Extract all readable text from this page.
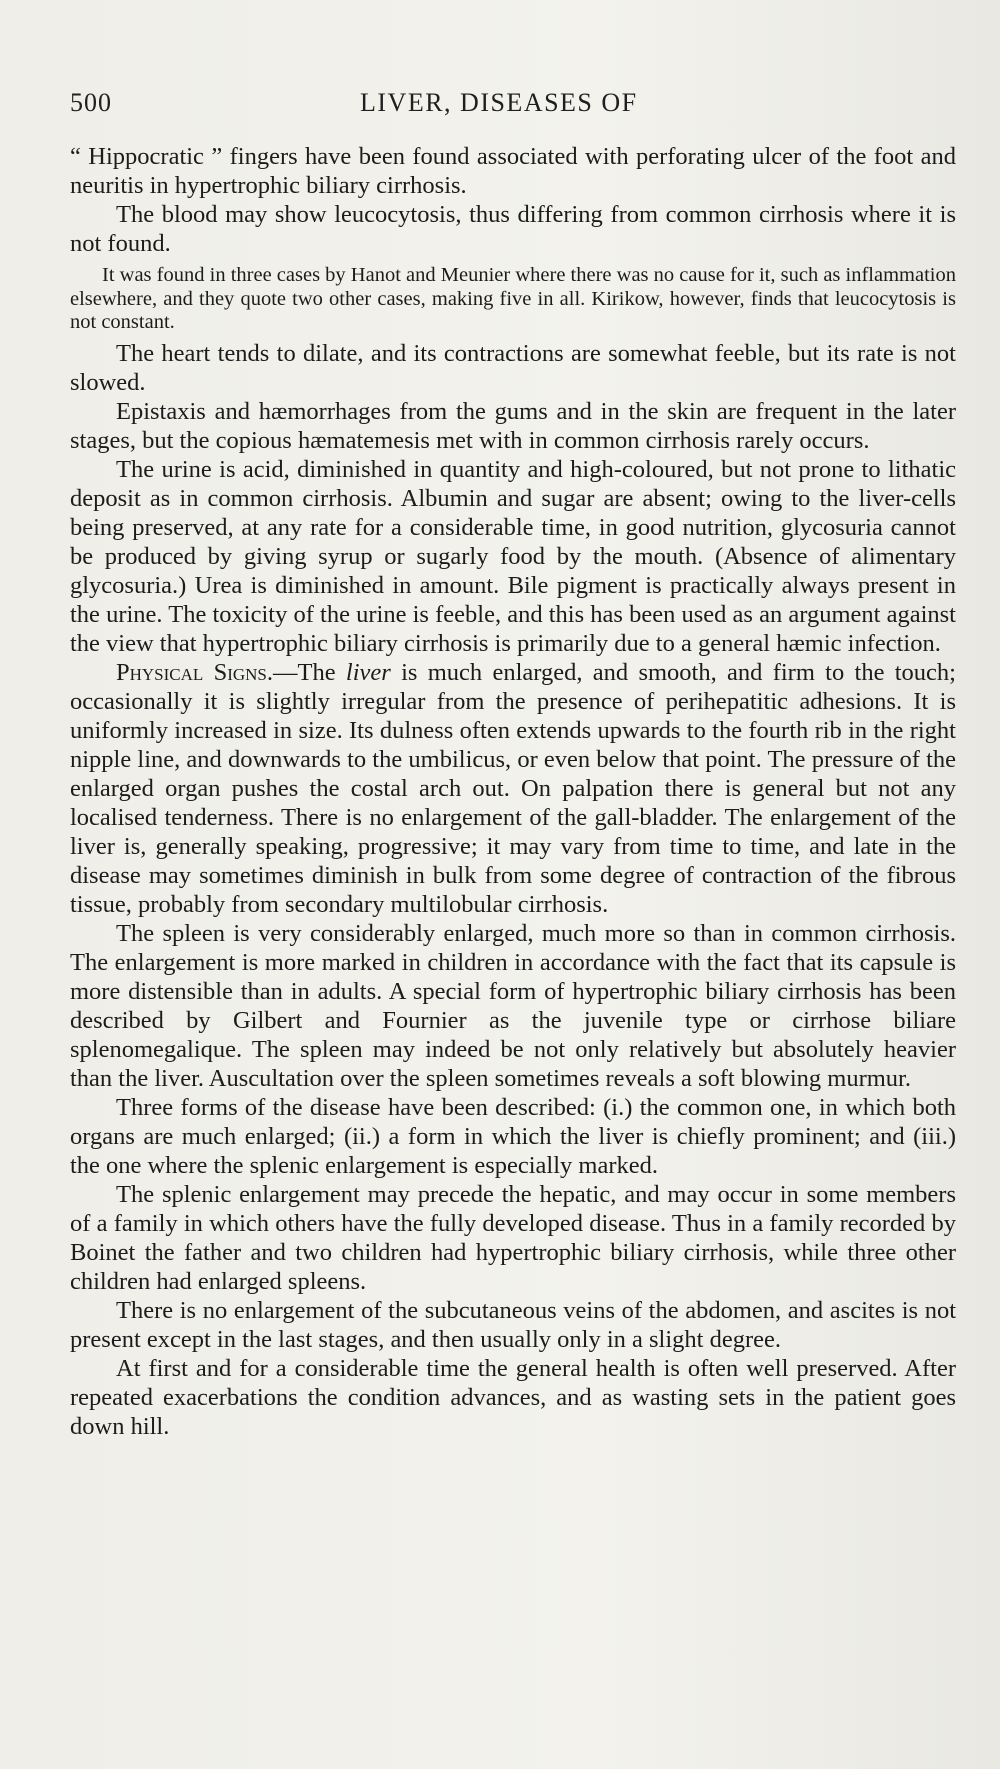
500	LIVER, DISEASES OF

“ Hippocratic ” fingers have been found associated with perforating ulcer of the foot and neuritis in hypertrophic biliary cirrhosis.

The blood may show leucocytosis, thus differing from common cirrhosis where it is not found.

It was found in three cases by Hanot and Meunier where there was no cause for it, such as inflammation elsewhere, and they quote two other cases, making five in all. Kirikow, however, finds that leucocytosis is not constant.

The heart tends to dilate, and its contractions are somewhat feeble, but its rate is not slowed.

Epistaxis and hæmorrhages from the gums and in the skin are frequent in the later stages, but the copious hæmatemesis met with in common cirrhosis rarely occurs.

The urine is acid, diminished in quantity and high-coloured, but not prone to lithatic deposit as in common cirrhosis. Albumin and sugar are absent; owing to the liver-cells being preserved, at any rate for a considerable time, in good nutrition, glycosuria cannot be produced by giving syrup or sugarly food by the mouth. (Absence of alimentary glycosuria.) Urea is diminished in amount. Bile pigment is practically always present in the urine. The toxicity of the urine is feeble, and this has been used as an argument against the view that hypertrophic biliary cirrhosis is primarily due to a general hæmic infection.

Physical Signs.—The liver is much enlarged, and smooth, and firm to the touch; occasionally it is slightly irregular from the presence of perihepatitic adhesions. It is uniformly increased in size. Its dulness often extends upwards to the fourth rib in the right nipple line, and downwards to the umbilicus, or even below that point. The pressure of the enlarged organ pushes the costal arch out. On palpation there is general but not any localised tenderness. There is no enlargement of the gall-bladder. The enlargement of the liver is, generally speaking, progressive; it may vary from time to time, and late in the disease may sometimes diminish in bulk from some degree of contraction of the fibrous tissue, probably from secondary multilobular cirrhosis.

The spleen is very considerably enlarged, much more so than in common cirrhosis. The enlargement is more marked in children in accordance with the fact that its capsule is more distensible than in adults. A special form of hypertrophic biliary cirrhosis has been described by Gilbert and Fournier as the juvenile type or cirrhose biliare splenomegalique. The spleen may indeed be not only relatively but absolutely heavier than the liver. Auscultation over the spleen sometimes reveals a soft blowing murmur.

Three forms of the disease have been described: (i.) the common one, in which both organs are much enlarged; (ii.) a form in which the liver is chiefly prominent; and (iii.) the one where the splenic enlargement is especially marked.

The splenic enlargement may precede the hepatic, and may occur in some members of a family in which others have the fully developed disease. Thus in a family recorded by Boinet the father and two children had hypertrophic biliary cirrhosis, while three other children had enlarged spleens.

There is no enlargement of the subcutaneous veins of the abdomen, and ascites is not present except in the last stages, and then usually only in a slight degree.

At first and for a considerable time the general health is often well preserved. After repeated exacerbations the condition advances, and as wasting sets in the patient goes down hill.
